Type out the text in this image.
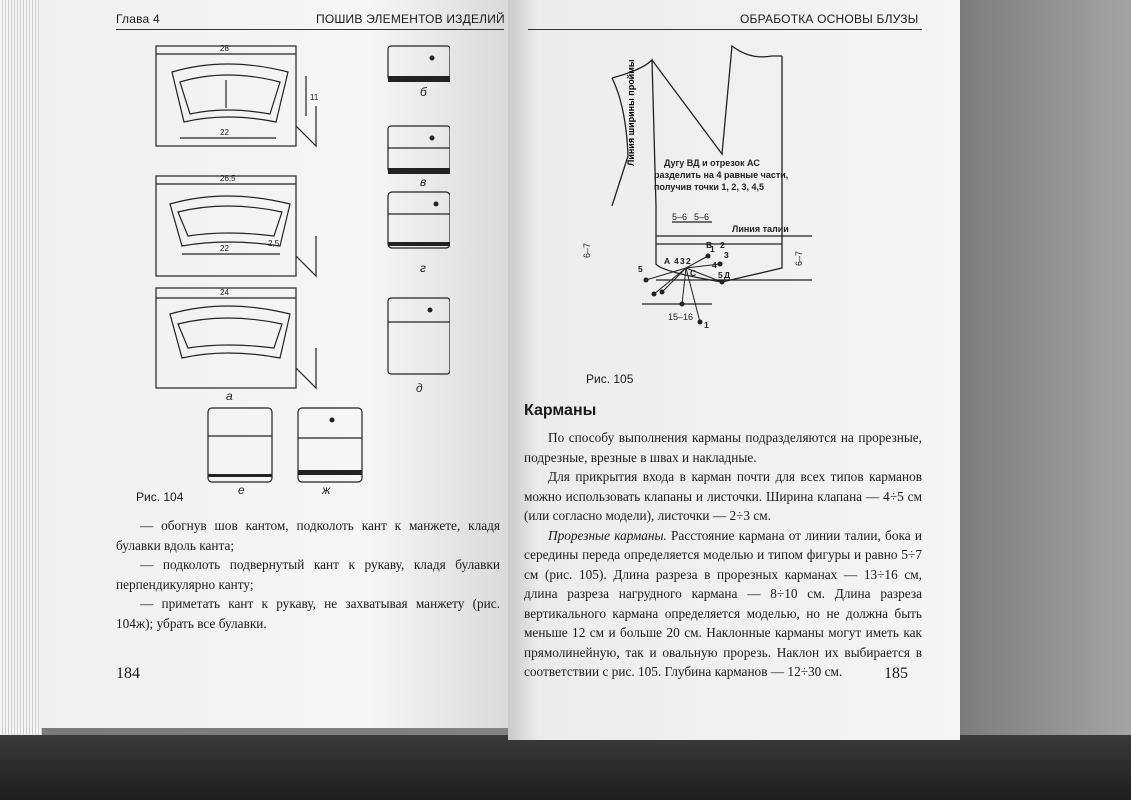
Глава 4	ПОШИВ ЭЛЕМЕНТОВ ИЗДЕЛИЙ
28
22
26,5
22
24
11
2,5
а
б
в
г
д
е	ж
Рис. 104

— обогнув шов кантом, подколоть кант к манжете, кладя булавки вдоль канта;

— подколоть подвернутый кант к рукаву, кладя булавки перпендикулярно канту;

— приметать кант к рукаву, не захватывая манжету (рис. 104ж); убрать все булавки.

184
ОБРАБОТКА ОСНОВЫ БЛУЗЫ
Линия ширины проймы	Дугу ВД и отрезок АС
разделить на 4 равные части,
получив точки 1, 2, 3, 4,5
Линия талии
5–6 5–6
6–7
6–7
15–16
В
А
С	Д
4 3 2
5
1 2
3
4
5
1
Рис. 105
Карманы

По способу выполнения карманы подразделяются на прорезные, подрезные, врезные в швах и накладные.

Для прикрытия входа в карман почти для всех типов карманов можно использовать клапаны и листочки. Ширина клапана — 4÷5 см (или согласно модели), листочки — 2÷3 см.

Прорезные карманы. Расстояние кармана от линии талии, бока и середины переда определяется моделью и типом фигуры и равно 5÷7 см (рис. 105). Длина разреза в прорезных карманах — 13÷16 см, длина разреза нагрудного кармана — 8÷10 см. Длина разреза вертикального кармана определяется моделью, но не должна быть меньше 12 см и больше 20 см. Наклонные карманы могут иметь как прямолинейную, так и овальную прорезь. Наклон их выбирается в соответствии с рис. 105. Глубина карманов — 12÷30 см.	185
